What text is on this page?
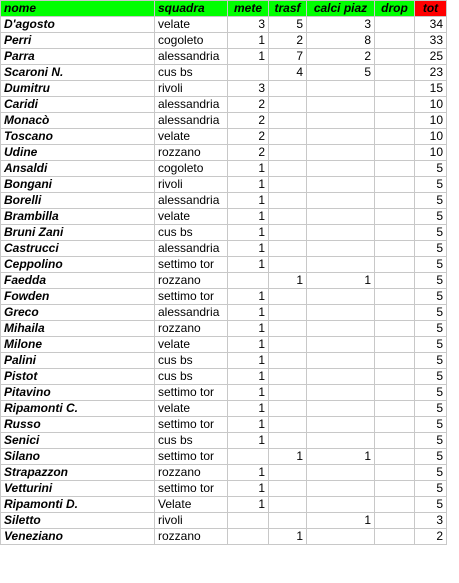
nome	squadra	mete	trasf	calci piaz	drop	tot
D'agosto	velate	3	5	3		34
Perri	cogoleto	1	2	8		33
Parra	alessandria	1	7	2		25
Scaroni N.	cus bs		4	5		23
Dumitru	rivoli	3				15
Caridi	alessandria	2				10
Monacò	alessandria	2				10
Toscano	velate	2				10
Udine	rozzano	2				10
Ansaldi	cogoleto	1				5
Bongani	rivoli	1				5
Borelli	alessandria	1				5
Brambilla	velate	1				5
Bruni Zani	cus bs	1				5
Castrucci	alessandria	1				5
Ceppolino	settimo tor	1				5
Faedda	rozzano		1	1		5
Fowden	settimo tor	1				5
Greco	alessandria	1				5
Mihaila	rozzano	1				5
Milone	velate	1				5
Palini	cus bs	1				5
Pistot	cus bs	1				5
Pitavino	settimo tor	1				5
Ripamonti C.	velate	1				5
Russo	settimo tor	1				5
Senici	cus bs	1				5
Silano	settimo tor		1	1		5
Strapazzon	rozzano	1				5
Vetturini	settimo tor	1				5
Ripamonti D.	Velate	1				5
Siletto	rivoli			1		3
Veneziano	rozzano		1			2
